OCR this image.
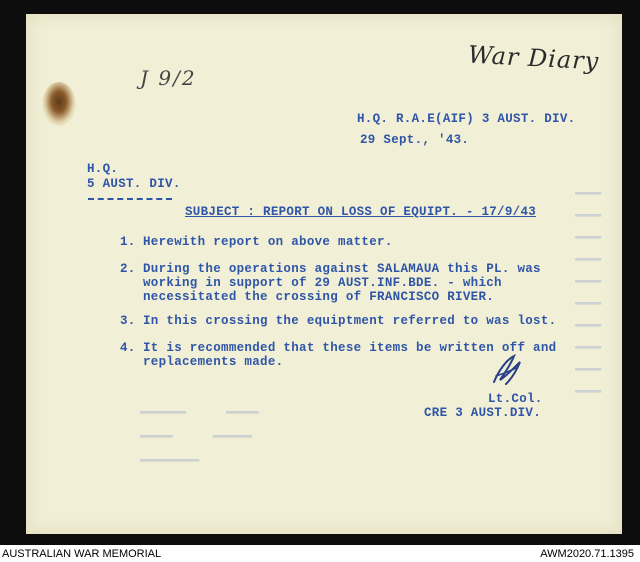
▬▬▬▬
▬▬▬▬
▬▬▬▬
▬▬▬▬
▬▬▬▬
▬▬▬▬
▬▬▬▬
▬▬▬▬
▬▬▬▬
▬▬▬▬
▬▬▬▬▬▬▬      ▬▬▬▬▬
▬▬▬▬▬      ▬▬▬▬▬▬
▬▬▬▬▬▬▬▬▬
J 9/2
War Diary
H.Q. R.A.E(AIF) 3 AUST. DIV.
29 Sept., '43.
H.Q.
5 AUST. DIV.
SUBJECT : REPORT ON LOSS OF EQUIPT. - 17/9/43
1. Herewith report on above matter.
2. During the operations against SALAMAUA this PL. was
working in support of 29 AUST.INF.BDE. - which
necessitated the crossing of FRANCISCO RIVER.
3. In this crossing the equiptment referred to was lost.
4. It is recommended that these items be written off and
replacements made.
Lt.Col.
CRE 3 AUST.DIV.
AUSTRALIAN WAR MEMORIAL	AWM2020.71.1395
